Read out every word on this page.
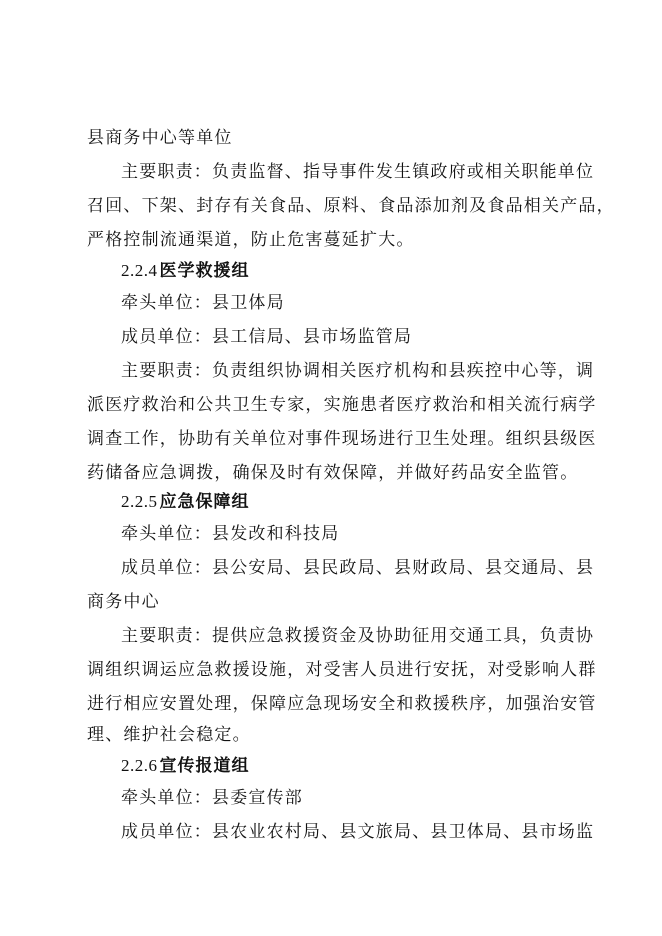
县商务中心等单位
主要职责：负责监督、指导事件发生镇政府或相关职能单位
召回、下架、封存有关食品、原料、食品添加剂及食品相关产品，
严格控制流通渠道，防止危害蔓延扩大。
2.2.4 医学救援组
牵头单位：县卫体局
成员单位：县工信局、县市场监管局
主要职责：负责组织协调相关医疗机构和县疾控中心等，调
派医疗救治和公共卫生专家，实施患者医疗救治和相关流行病学
调查工作，协助有关单位对事件现场进行卫生处理。组织县级医
药储备应急调拨，确保及时有效保障，并做好药品安全监管。
2.2.5 应急保障组
牵头单位：县发改和科技局
成员单位：县公安局、县民政局、县财政局、县交通局、县
商务中心
主要职责：提供应急救援资金及协助征用交通工具，负责协
调组织调运应急救援设施，对受害人员进行安抚，对受影响人群
进行相应安置处理，保障应急现场安全和救援秩序，加强治安管
理、维护社会稳定。
2.2.6 宣传报道组
牵头单位：县委宣传部
成员单位：县农业农村局、县文旅局、县卫体局、县市场监
